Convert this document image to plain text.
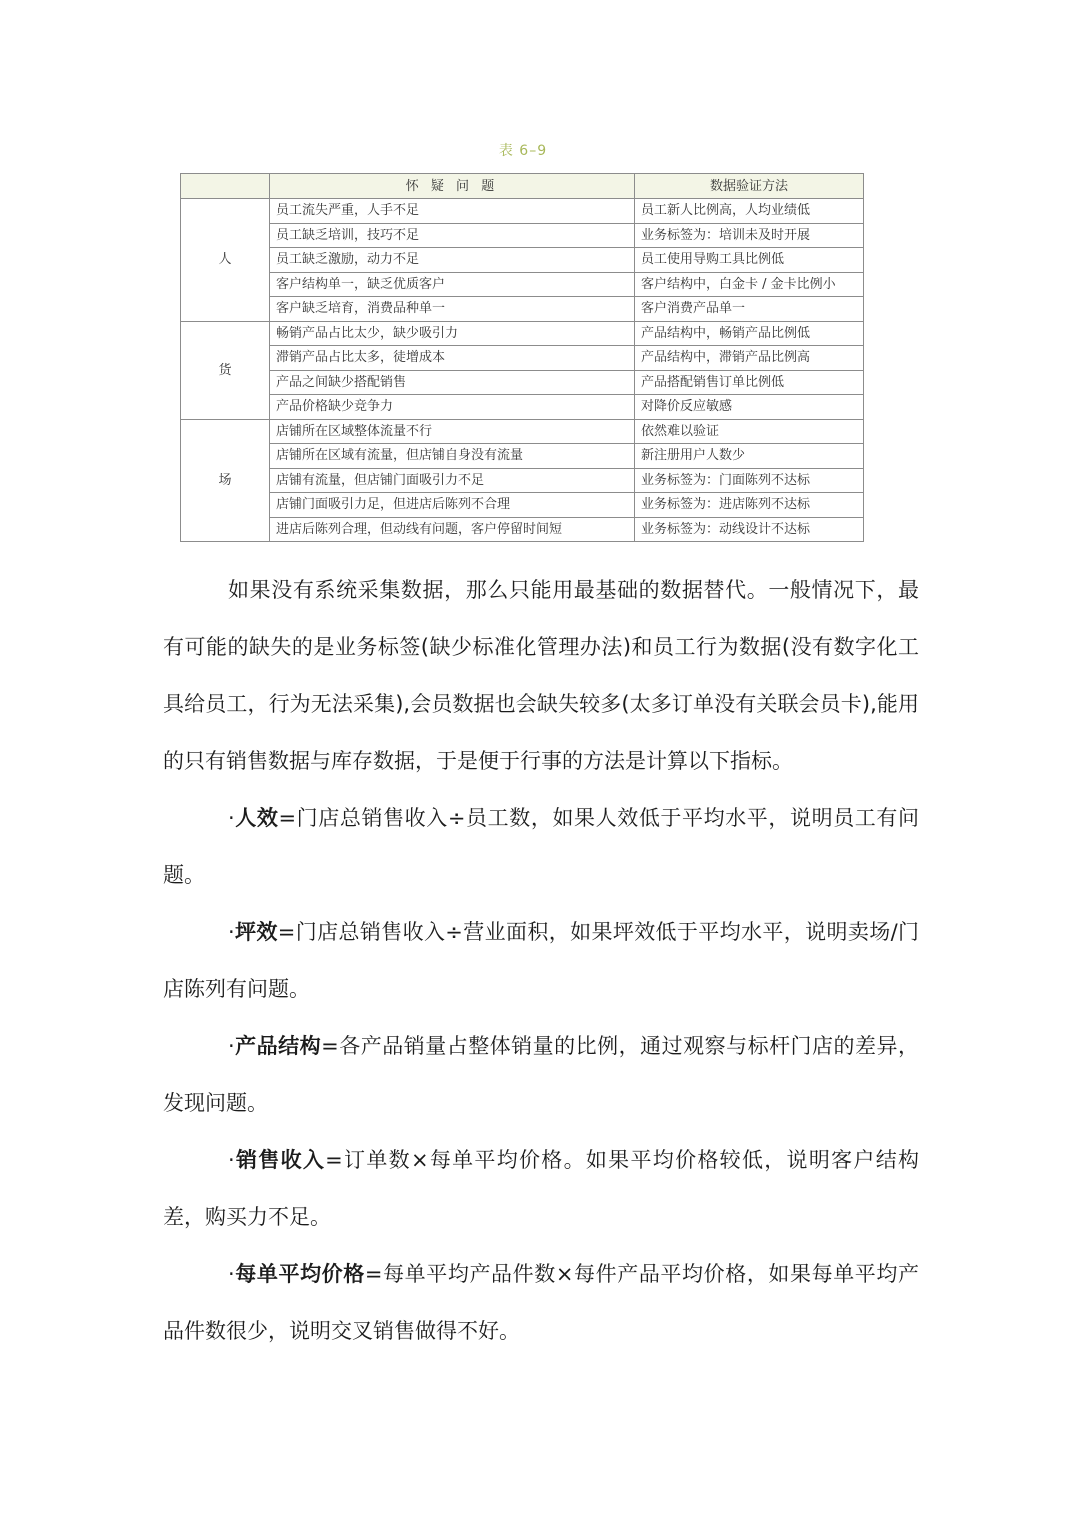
表 6–9
	怀 疑 问 题	数据验证方法
人	员工流失严重，人手不足	员工新人比例高，人均业绩低
	员工缺乏培训，技巧不足	业务标签为：培训未及时开展
	员工缺乏激励，动力不足	员工使用导购工具比例低
	客户结构单一，缺乏优质客户	客户结构中，白金卡 / 金卡比例小
	客户缺乏培育，消费品种单一	客户消费产品单一
货	畅销产品占比太少，缺少吸引力	产品结构中，畅销产品比例低
	滞销产品占比太多，徒增成本	产品结构中，滞销产品比例高
	产品之间缺少搭配销售	产品搭配销售订单比例低
	产品价格缺少竞争力	对降价反应敏感
场	店铺所在区域整体流量不行	依然难以验证
	店铺所在区域有流量，但店铺自身没有流量	新注册用户人数少
	店铺有流量，但店铺门面吸引力不足	业务标签为：门面陈列不达标
	店铺门面吸引力足，但进店后陈列不合理	业务标签为：进店陈列不达标
	进店后陈列合理，但动线有问题，客户停留时间短	业务标签为：动线设计不达标

如果没有系统采集数据，那么只能用最基础的数据替代。一般情况下，最有可能的缺失的是业务标签(缺少标准化管理办法)和员工行为数据(没有数字化工具给员工，行为无法采集),会员数据也会缺失较多(太多订单没有关联会员卡),能用的只有销售数据与库存数据，于是便于行事的方法是计算以下指标。

·人效=门店总销售收入÷员工数，如果人效低于平均水平，说明员工有问题。

·坪效=门店总销售收入÷营业面积，如果坪效低于平均水平，说明卖场/门店陈列有问题。

·产品结构=各产品销量占整体销量的比例，通过观察与标杆门店的差异，发现问题。

·销售收入=订单数×每单平均价格。如果平均价格较低，说明客户结构差，购买力不足。

·每单平均价格=每单平均产品件数×每件产品平均价格，如果每单平均产品件数很少，说明交叉销售做得不好。
